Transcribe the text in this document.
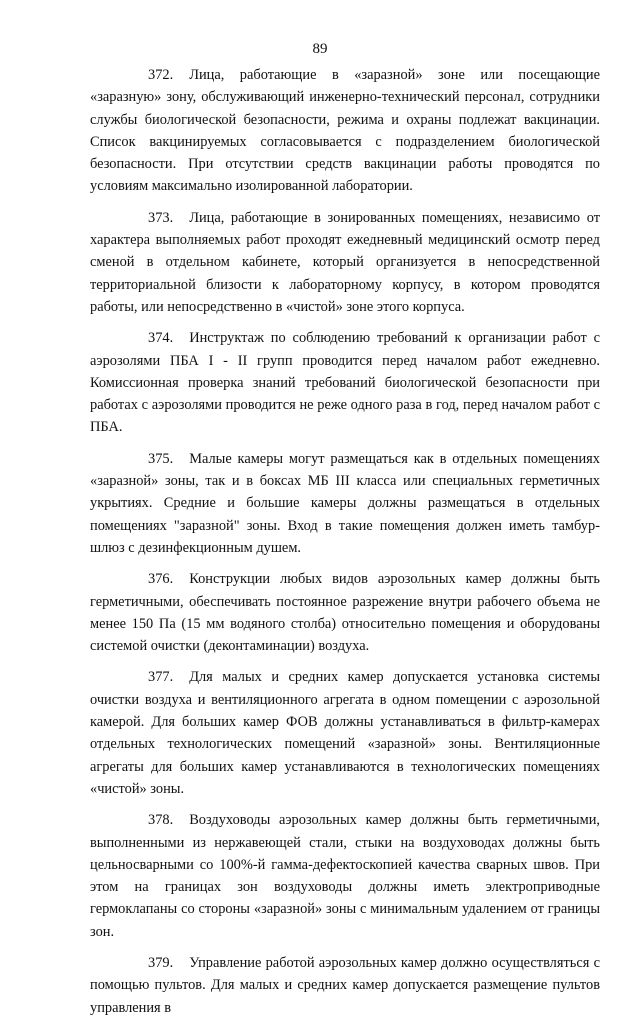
89

372. Лица, работающие в «заразной» зоне или посещающие «заразную» зону, обслуживающий инженерно-технический персонал, сотрудники службы биологической безопасности, режима и охраны подлежат вакцинации. Список вакцинируемых согласовывается с подразделением биологической безопасности. При отсутствии средств вакцинации работы проводятся по условиям максимально изолированной лаборатории.

373. Лица, работающие в зонированных помещениях, независимо от характера выполняемых работ проходят ежедневный медицинский осмотр перед сменой в отдельном кабинете, который организуется в непосредственной территориальной близости к лабораторному корпусу, в котором проводятся работы, или непосредственно в «чистой» зоне этого корпуса.

374. Инструктаж по соблюдению требований к организации работ с аэрозолями ПБА I - II групп проводится перед началом работ ежедневно. Комиссионная проверка знаний требований биологической безопасности при работах с аэрозолями проводится не реже одного раза в год, перед началом работ с ПБА.

375. Малые камеры могут размещаться как в отдельных помещениях «заразной» зоны, так и в боксах МБ III класса или специальных герметичных укрытиях. Средние и большие камеры должны размещаться в отдельных помещениях "заразной" зоны. Вход в такие помещения должен иметь тамбур-шлюз с дезинфекционным душем.

376. Конструкции любых видов аэрозольных камер должны быть герметичными, обеспечивать постоянное разрежение внутри рабочего объема не менее 150 Па (15 мм водяного столба) относительно помещения и оборудованы системой очистки (деконтаминации) воздуха.

377. Для малых и средних камер допускается установка системы очистки воздуха и вентиляционного агрегата в одном помещении с аэрозольной камерой. Для больших камер ФОВ должны устанавливаться в фильтр-камерах отдельных технологических помещений «заразной» зоны. Вентиляционные агрегаты для больших камер устанавливаются в технологических помещениях «чистой» зоны.

378. Воздуховоды аэрозольных камер должны быть герметичными, выполненными из нержавеющей стали, стыки на воздуховодах должны быть цельносварными со 100%-й гамма-дефектоскопией качества сварных швов. При этом на границах зон воздуховоды должны иметь электроприводные гермоклапаны со стороны «заразной» зоны с минимальным удалением от границы зон.

379. Управление работой аэрозольных камер должно осуществляться с помощью пультов. Для малых и средних камер допускается размещение пультов управления в
